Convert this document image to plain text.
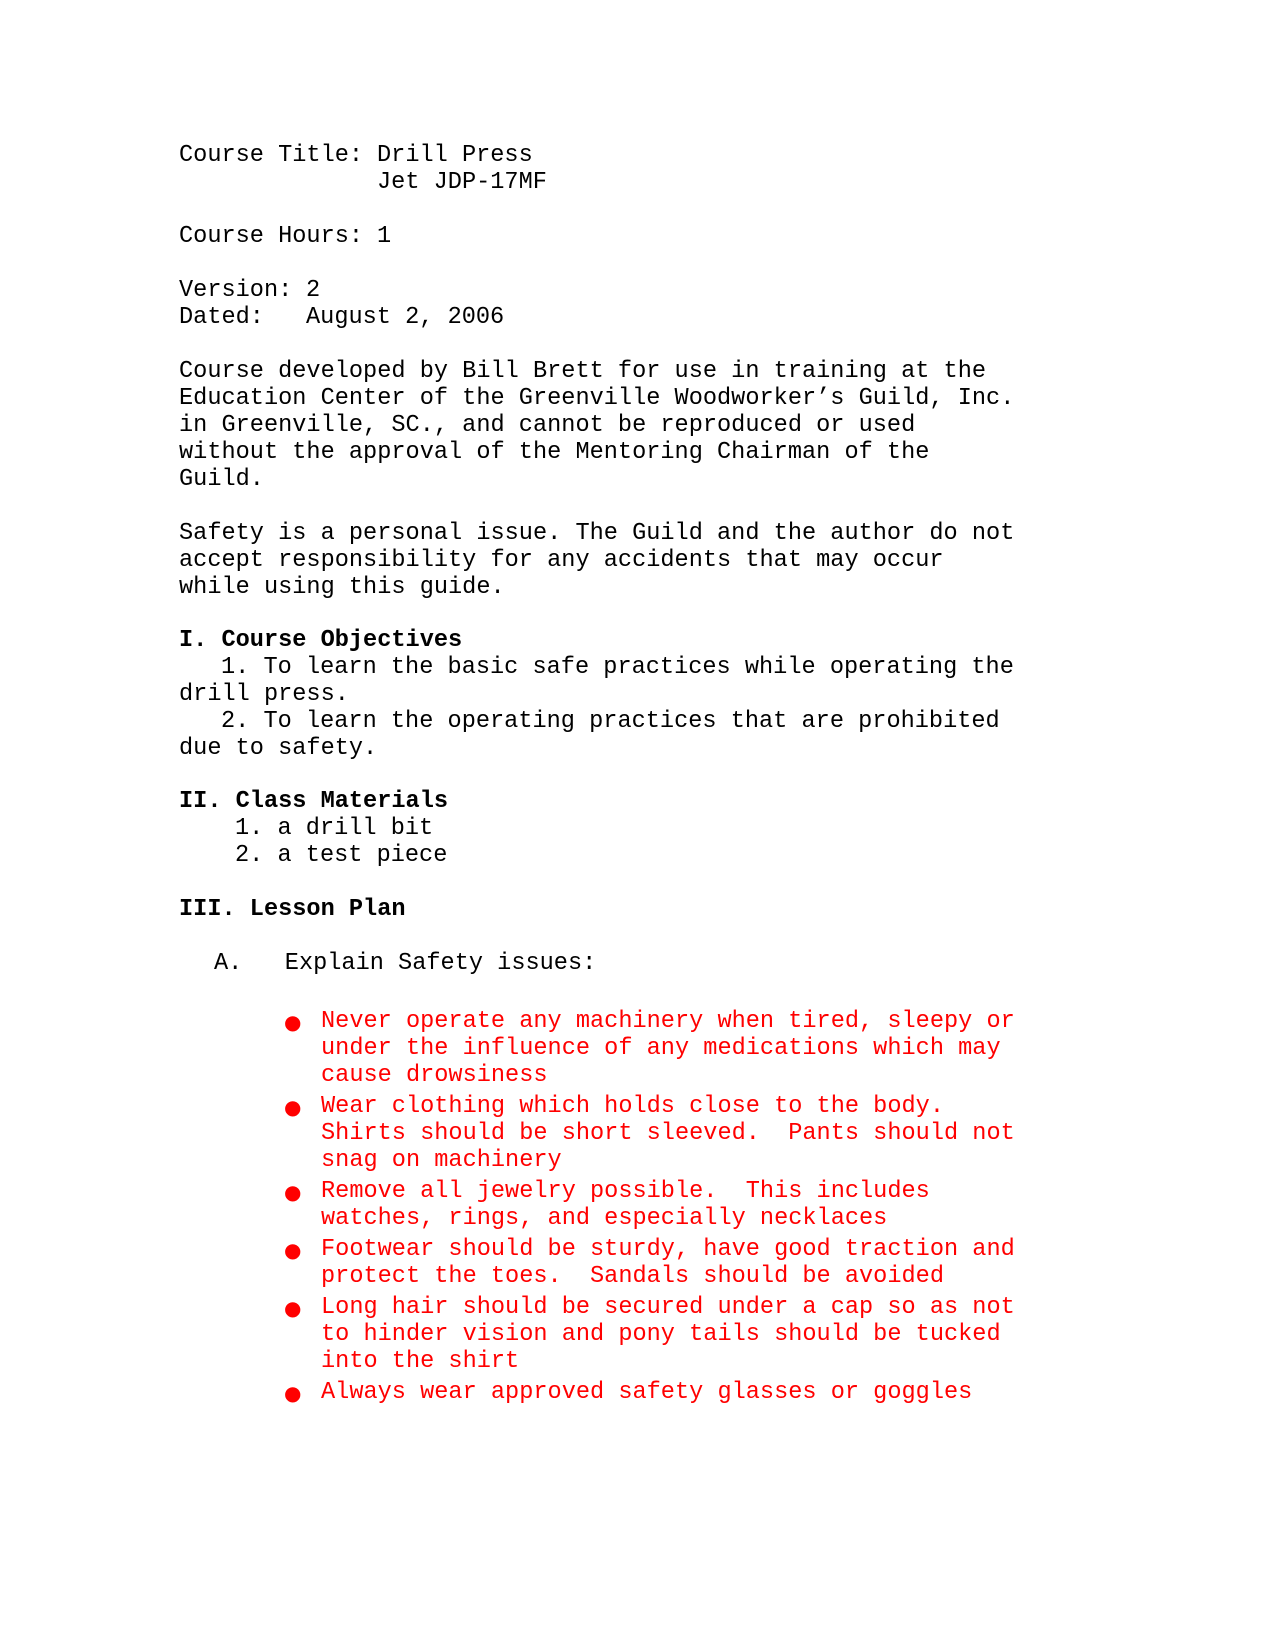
Course Title: Drill Press
Jet JDP-17MF
Course Hours: 1
Version: 2
Dated: August 2, 2006
Course developed by Bill Brett for use in training at the
Education Center of the Greenville Woodworker’s Guild, Inc.
in Greenville, SC., and cannot be reproduced or used
without the approval of the Mentoring Chairman of the
Guild.
Safety is a personal issue. The Guild and the author do not
accept responsibility for any accidents that may occur
while using this guide.
I. Course Objectives
1. To learn the basic safe practices while operating the
drill press.
2. To learn the operating practices that are prohibited
due to safety.
II. Class Materials
1. a drill bit
2. a test piece
III. Lesson Plan
A.   Explain Safety issues:
● Never operate any machinery when tired, sleepy or
under the influence of any medications which may
cause drowsiness
● Wear clothing which holds close to the body.
Shirts should be short sleeved.  Pants should not
snag on machinery
● Remove all jewelry possible.  This includes
watches, rings, and especially necklaces
● Footwear should be sturdy, have good traction and
protect the toes.  Sandals should be avoided
● Long hair should be secured under a cap so as not
to hinder vision and pony tails should be tucked
into the shirt
● Always wear approved safety glasses or goggles
